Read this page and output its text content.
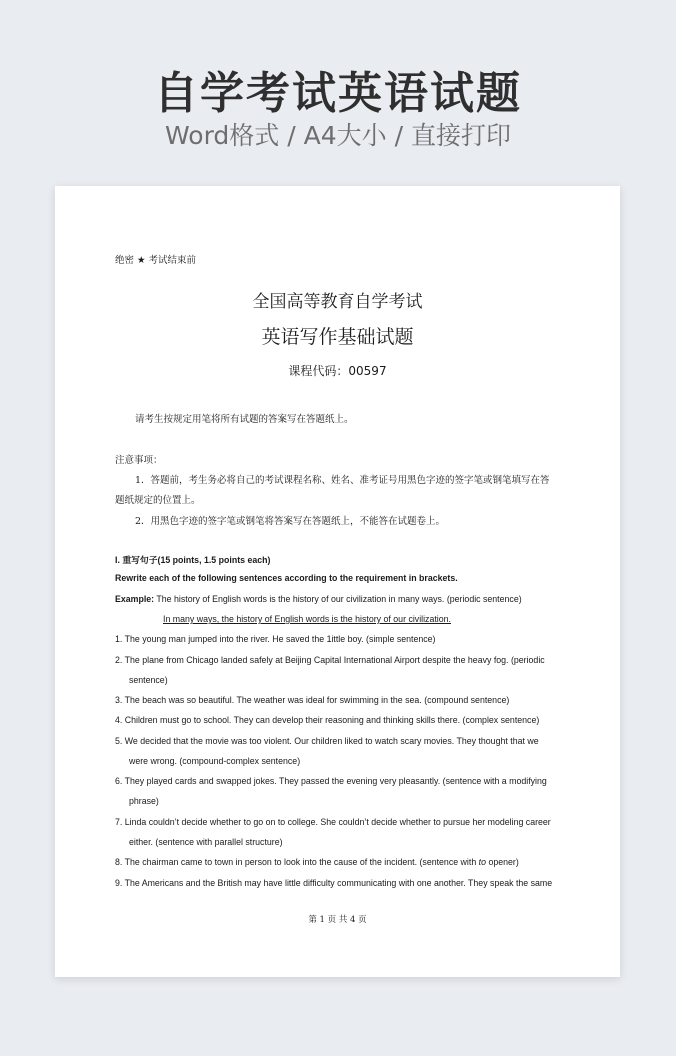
自学考试英语试题
Word格式 / A4大小 / 直接打印
绝密 ★ 考试结束前
全国高等教育自学考试
英语写作基础试题
课程代码：00597
请考生按规定用笔将所有试题的答案写在答题纸上。
注意事项：
1．答题前，考生务必将自己的考试课程名称、姓名、准考证号用黑色字迹的签字笔或钢笔填写在答
题纸规定的位置上。
2．用黑色字迹的签字笔或钢笔将答案写在答题纸上，不能答在试题卷上。
I. 重写句子(15 points, 1.5 points each)
Rewrite each of the following sentences according to the requirement in brackets.
Example: The history of English words is the history of our civilization in many ways. (periodic sentence)
In many ways, the history of English words is the history of our civilization.
1. The young man jumped into the river. He saved the 1ittle boy. (simple sentence)
2. The plane from Chicago landed safely at Beijing Capital International Airport despite the heavy fog. (periodic
sentence)
3. The beach was so beautiful. The weather was ideal for swimming in the sea. (compound sentence)
4. Children must go to school. They can develop their reasoning and thinking skills there. (complex sentence)
5. We decided that the movie was too violent. Our children liked to watch scary movies. They thought that we
were wrong. (compound-complex sentence)
6. They played cards and swapped jokes. They passed the evening very pleasantly. (sentence with a modifying
phrase)
7. Linda couldn’t decide whether to go on to college. She couldn’t decide whether to pursue her modeling career
either. (sentence with parallel structure)
8. The chairman came to town in person to look into the cause of the incident. (sentence with to opener)
9. The Americans and the British may have little difficulty communicating with one another. They speak the same
第 1 页 共 4 页
